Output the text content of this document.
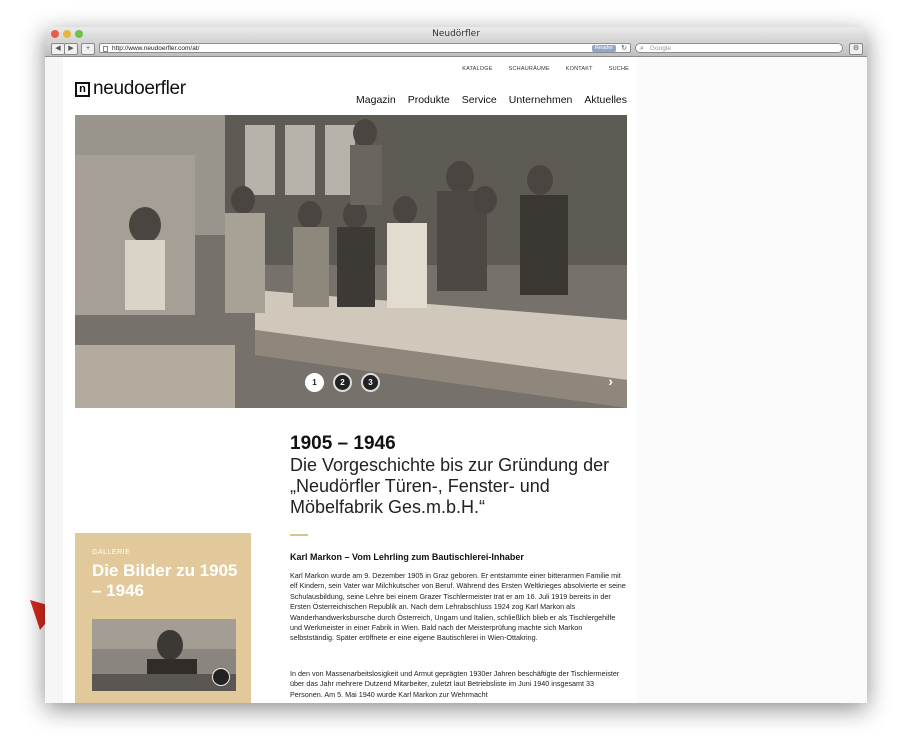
Neudörfler
◀	▶	+	http://www.neudoerfler.com/at/	Reader	↻ ⌕ Google	⚙
KATALOGE	SCHAURÄUME	KONTAKT	SUCHE
n neudoerfler
Magazin Produkte Service Unternehmen Aktuelles
1	2	3	›
1905 – 1946
Die Vorgeschichte bis zur Gründung der „Neudörfler Türen-, Fenster- und Möbelfabrik Ges.m.b.H.“
Karl Markon – Vom Lehrling zum Bautischlerei-Inhaber
Karl Markon wurde am 9. Dezember 1905 in Graz geboren. Er entstammte einer bitterarmen Familie mit elf Kindern, sein Vater war Milchkutscher von Beruf. Während des Ersten Weltkrieges absolvierte er seine Schulausbildung, seine Lehre bei einem Grazer Tischlermeister trat er am 16. Juli 1919 bereits in der Ersten Österreichischen Republik an. Nach dem Lehrabschluss 1924 zog Karl Markon als Wanderhandwerksbursche durch Österreich, Ungarn und Italien, schließlich blieb er als Tischlergehilfe und Werkmeister in einer Fabrik in Wien. Bald nach der Meisterprüfung machte sich Markon selbstständig. Später eröffnete er eine eigene Bautischlerei in Wien-Ottakring.
In den von Massenarbeitslosigkeit und Armut geprägten 1930er Jahren beschäftigte der Tischlermeister über das Jahr mehrere Dutzend Mitarbeiter, zuletzt laut Betriebsliste im Juni 1940 insgesamt 33 Personen. Am 5. Mai 1940 wurde Karl Markon zur Wehrmacht
GALLERIE
Die Bilder zu 1905 – 1946
